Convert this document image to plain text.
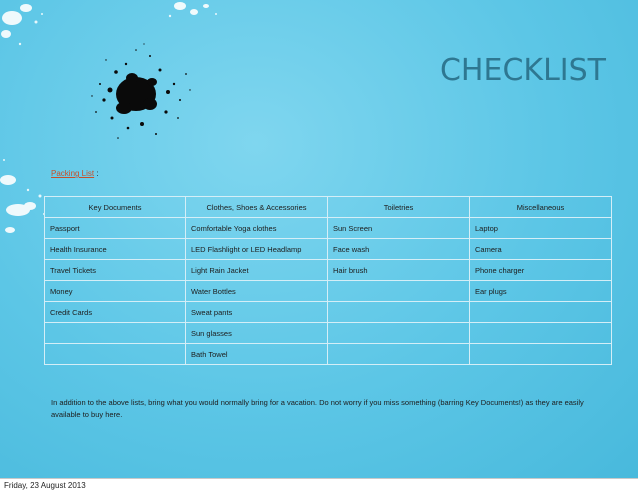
CHECKLIST
Packing List :
Key Documents	Clothes, Shoes & Accessories	Toiletries	Miscellaneous
Passport	Comfortable Yoga clothes	Sun Screen	Laptop
Health Insurance	LED Flashlight or LED Headlamp	Face wash	Camera
Travel Tickets	Light Rain Jacket	Hair brush	Phone charger
Money	Water Bottles		Ear plugs
Credit Cards	Sweat pants		
	Sun glasses		
	Bath Towel		
In addition to the above lists, bring what you would normally bring for a vacation. Do not worry if you miss something (barring Key Documents!) as they are easily available to buy here.
Friday, 23 August 2013
